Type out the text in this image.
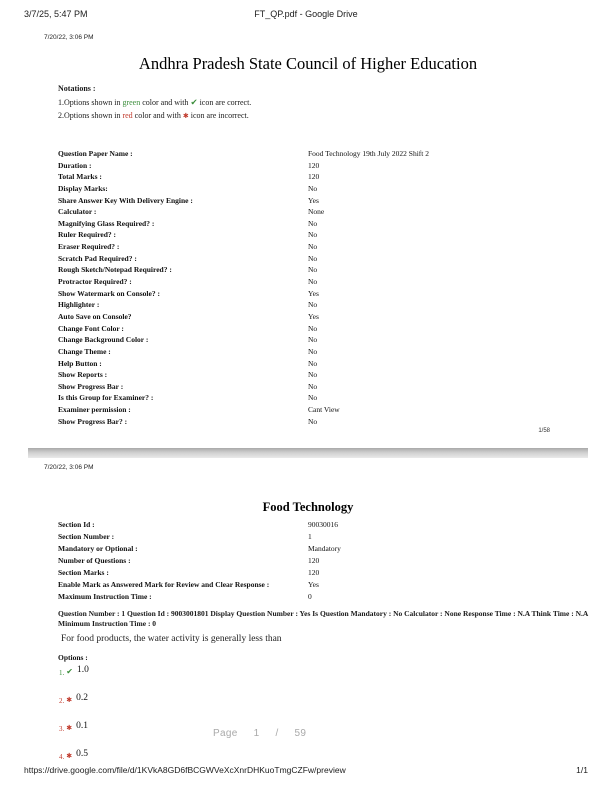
3/7/25, 5:47 PM	FT_QP.pdf - Google Drive
7/20/22, 3:06 PM
Andhra Pradesh State Council of Higher Education
Notations :
1.Options shown in green color and with ✔ icon are correct.
2.Options shown in red color and with ✱ icon are incorrect.
Question Paper Name :	Food Technology 19th July 2022 Shift 2
Duration :	120
Total Marks :	120
Display Marks:	No
Share Answer Key With Delivery Engine :	Yes
Calculator :	None
Magnifying Glass Required? :	No
Ruler Required? :	No
Eraser Required? :	No
Scratch Pad Required? :	No
Rough Sketch/Notepad Required? :	No
Protractor Required? :	No
Show Watermark on Console? :	Yes
Highlighter :	No
Auto Save on Console?	Yes
Change Font Color :	No
Change Background Color :	No
Change Theme :	No
Help Button :	No
Show Reports :	No
Show Progress Bar :	No
Is this Group for Examiner? :	No
Examiner permission :	Cant View
Show Progress Bar? :	No
1/58
7/20/22, 3:06 PM
Food Technology
Section Id :	90030016
Section Number :	1
Mandatory or Optional :	Mandatory
Number of Questions :	120
Section Marks :	120
Enable Mark as Answered Mark for Review and Clear Response :	Yes
Maximum Instruction Time :	0
Question Number : 1 Question Id : 9003001801 Display Question Number : Yes Is Question Mandatory : No Calculator : None Response Time : N.A Think Time : N.A Minimum Instruction Time : 0
For food products, the water activity is generally less than
Options :
1. ✔ 1.0
2. ✱ 0.2
3. ✱ 0.1
4. ✱ 0.5
Page 1 / 59
https://drive.google.com/file/d/1KVkA8GD6fBCGWVeXcXnrDHKuoTmgCZFw/preview	1/1
